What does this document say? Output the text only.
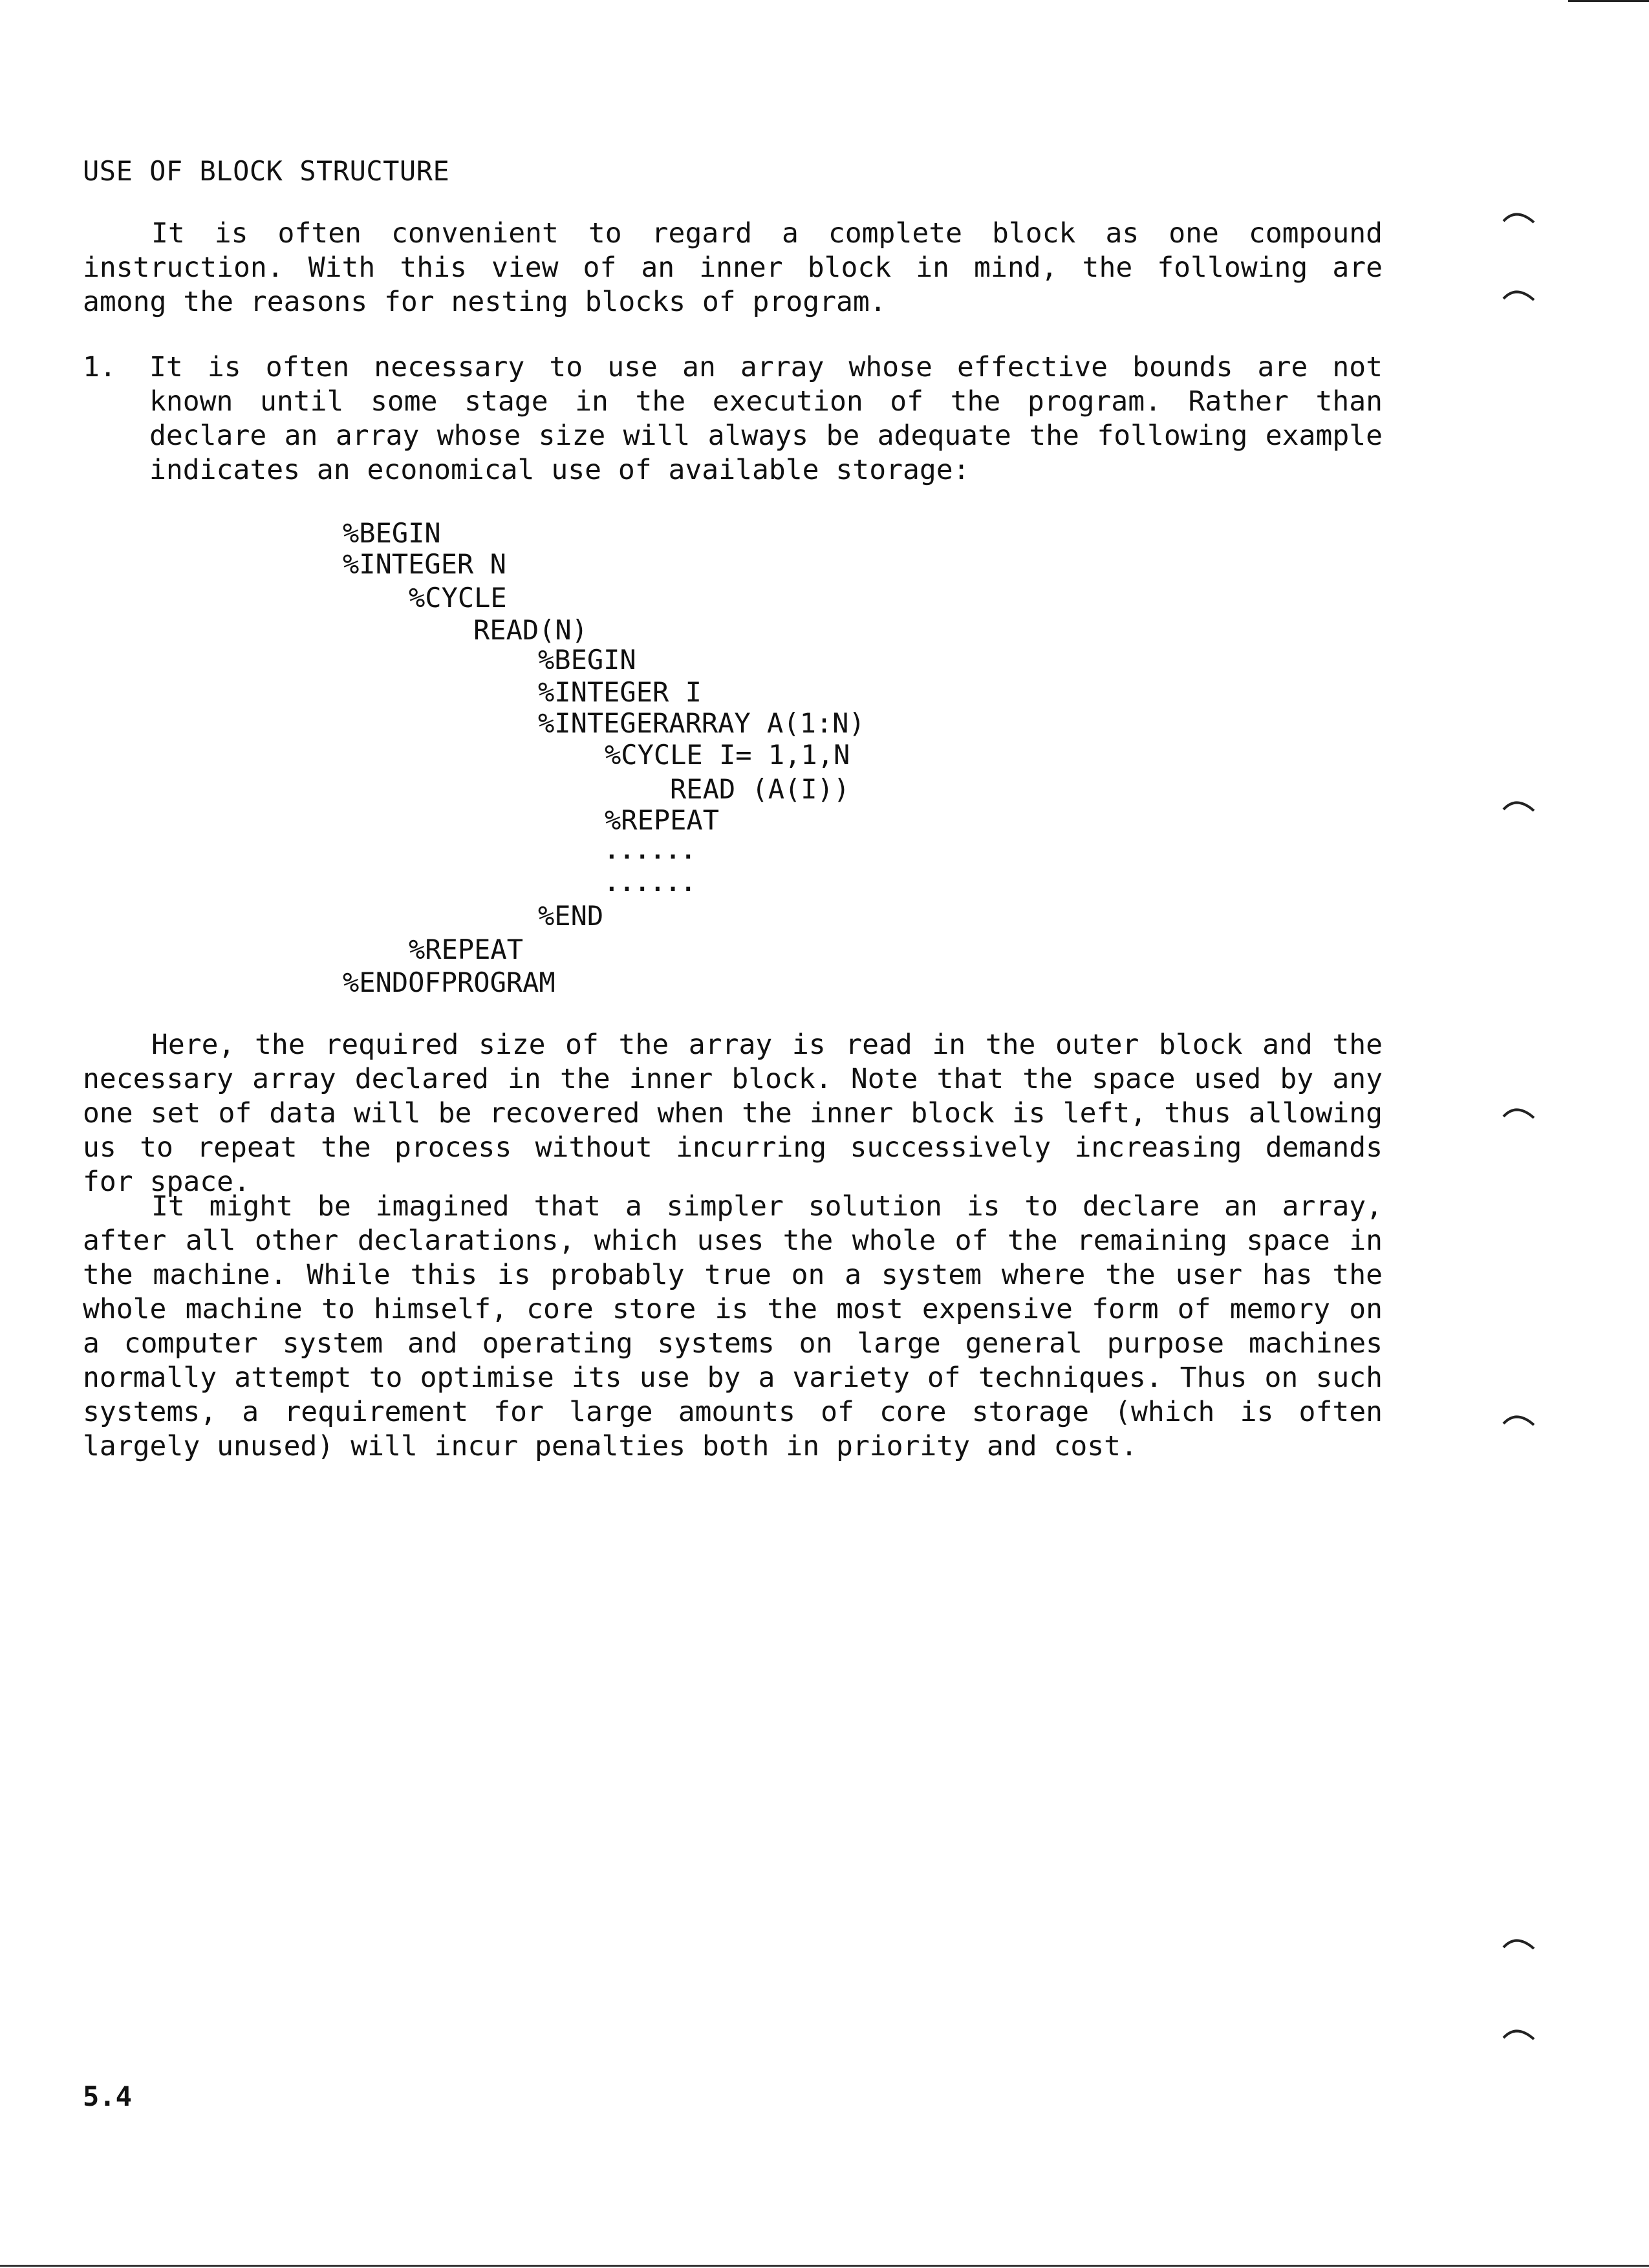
USE OF BLOCK STRUCTURE

It is often convenient to regard a complete block as one compound instruction. With this view of an inner block in mind, the following are among the reasons for nesting blocks of program.

1. It is often necessary to use an array whose effective bounds are not known until some stage in the execution of the program. Rather than declare an array whose size will always be adequate the following example indicates an economical use of available storage:
%BEGIN
%INTEGER N
%CYCLE
READ(N)
%BEGIN
%INTEGER I
%INTEGERARRAY A(1:N)
%CYCLE I= 1,1,N
READ (A(I))
%REPEAT
......
......
%END
%REPEAT
%ENDOFPROGRAM

Here, the required size of the array is read in the outer block and the necessary array declared in the inner block. Note that the space used by any one set of data will be recovered when the inner block is left, thus allowing us to repeat the process without incurring successively increasing demands for space.

It might be imagined that a simpler solution is to declare an array, after all other declarations, which uses the whole of the remaining space in the machine. While this is probably true on a system where the user has the whole machine to himself, core store is the most expensive form of memory on a computer system and operating systems on large general purpose machines normally attempt to optimise its use by a variety of techniques. Thus on such systems, a requirement for large amounts of core storage (which is often largely unused) will incur penalties both in priority and cost.

5.4
